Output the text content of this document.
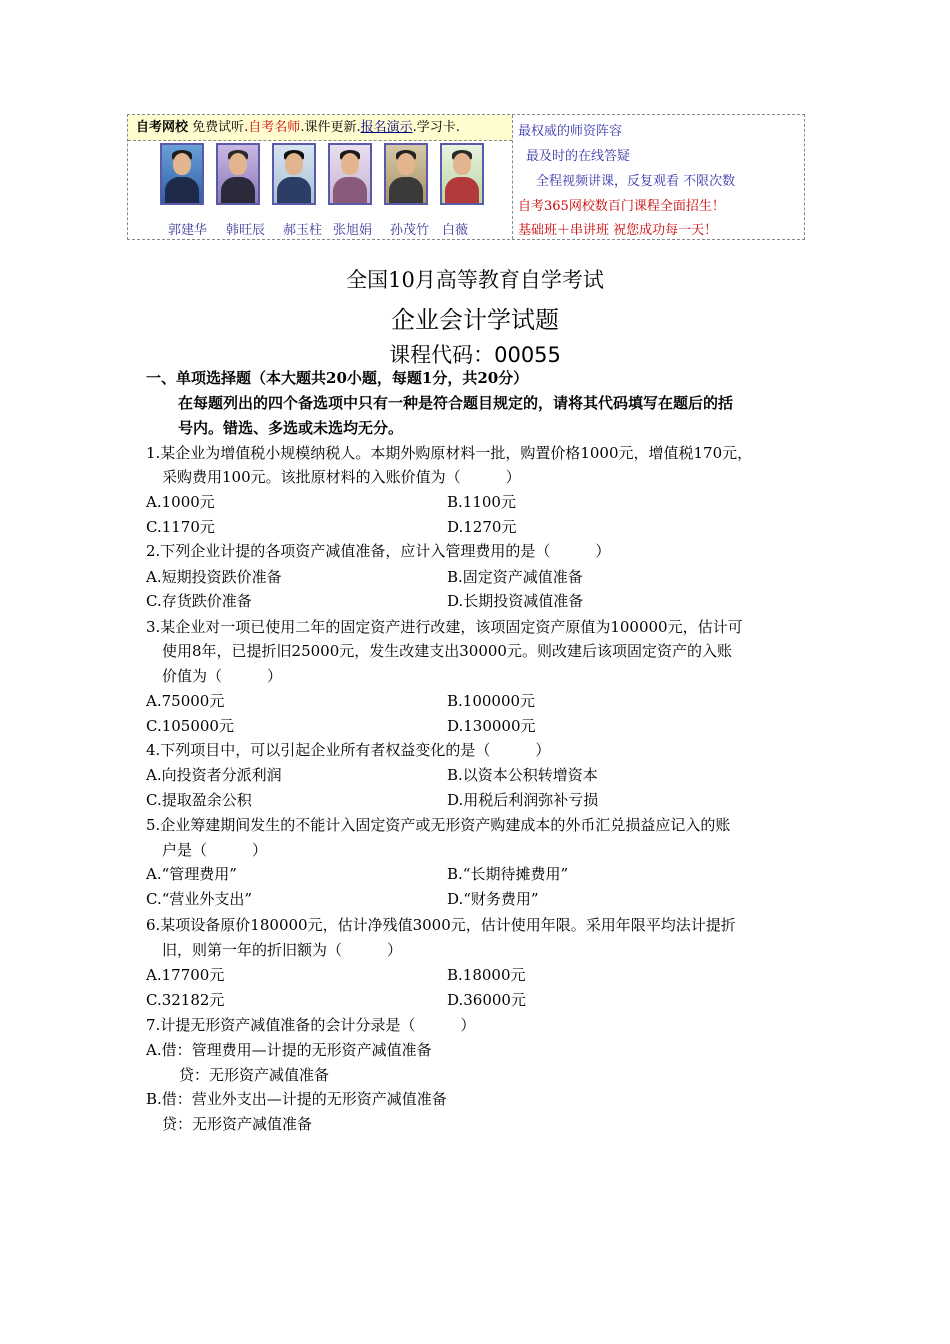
自考网校 免费试听.自考名师.课件更新.报名演示.学习卡.
郭建华 韩旺辰 郝玉柱 张旭娟 孙茂竹 白薇
最权威的师资阵容
最及时的在线答疑
全程视频讲课，反复观看 不限次数
自考365网校数百门课程全面招生！
基础班＋串讲班 祝您成功每一天！
全国10月高等教育自学考试
企业会计学试题
课程代码：00055
一、单项选择题（本大题共20小题，每题1分，共20分）
在每题列出的四个备选项中只有一种是符合题目规定的，请将其代码填写在题后的括
号内。错选、多选或未选均无分。
1.某企业为增值税小规模纳税人。本期外购原材料一批，购置价格1000元，增值税170元，
采购费用100元。该批原材料的入账价值为（　　　）
A.1000元	B.1100元
C.1170元	D.1270元
2.下列企业计提的各项资产减值准备，应计入管理费用的是（　　　）
A.短期投资跌价准备	B.固定资产减值准备
C.存货跌价准备	D.长期投资减值准备
3.某企业对一项已使用二年的固定资产进行改建，该项固定资产原值为100000元，估计可
使用8年，已提折旧25000元，发生改建支出30000元。则改建后该项固定资产的入账
价值为（　　　）
A.75000元	B.100000元
C.105000元	D.130000元
4.下列项目中，可以引起企业所有者权益变化的是（　　　）
A.向投资者分派利润	B.以资本公积转增资本
C.提取盈余公积	D.用税后利润弥补亏损
5.企业筹建期间发生的不能计入固定资产或无形资产购建成本的外币汇兑损益应记入的账
户是（　　　）
A.“管理费用”	B.“长期待摊费用”
C.“营业外支出”	D.“财务费用”
6.某项设备原价180000元，估计净残值3000元，估计使用年限。采用年限平均法计提折
旧，则第一年的折旧额为（　　　）
A.17700元	B.18000元
C.32182元	D.36000元
7.计提无形资产减值准备的会计分录是（　　　）
A.借：管理费用—计提的无形资产减值准备
贷：无形资产减值准备
B.借：营业外支出—计提的无形资产减值准备
贷：无形资产减值准备
